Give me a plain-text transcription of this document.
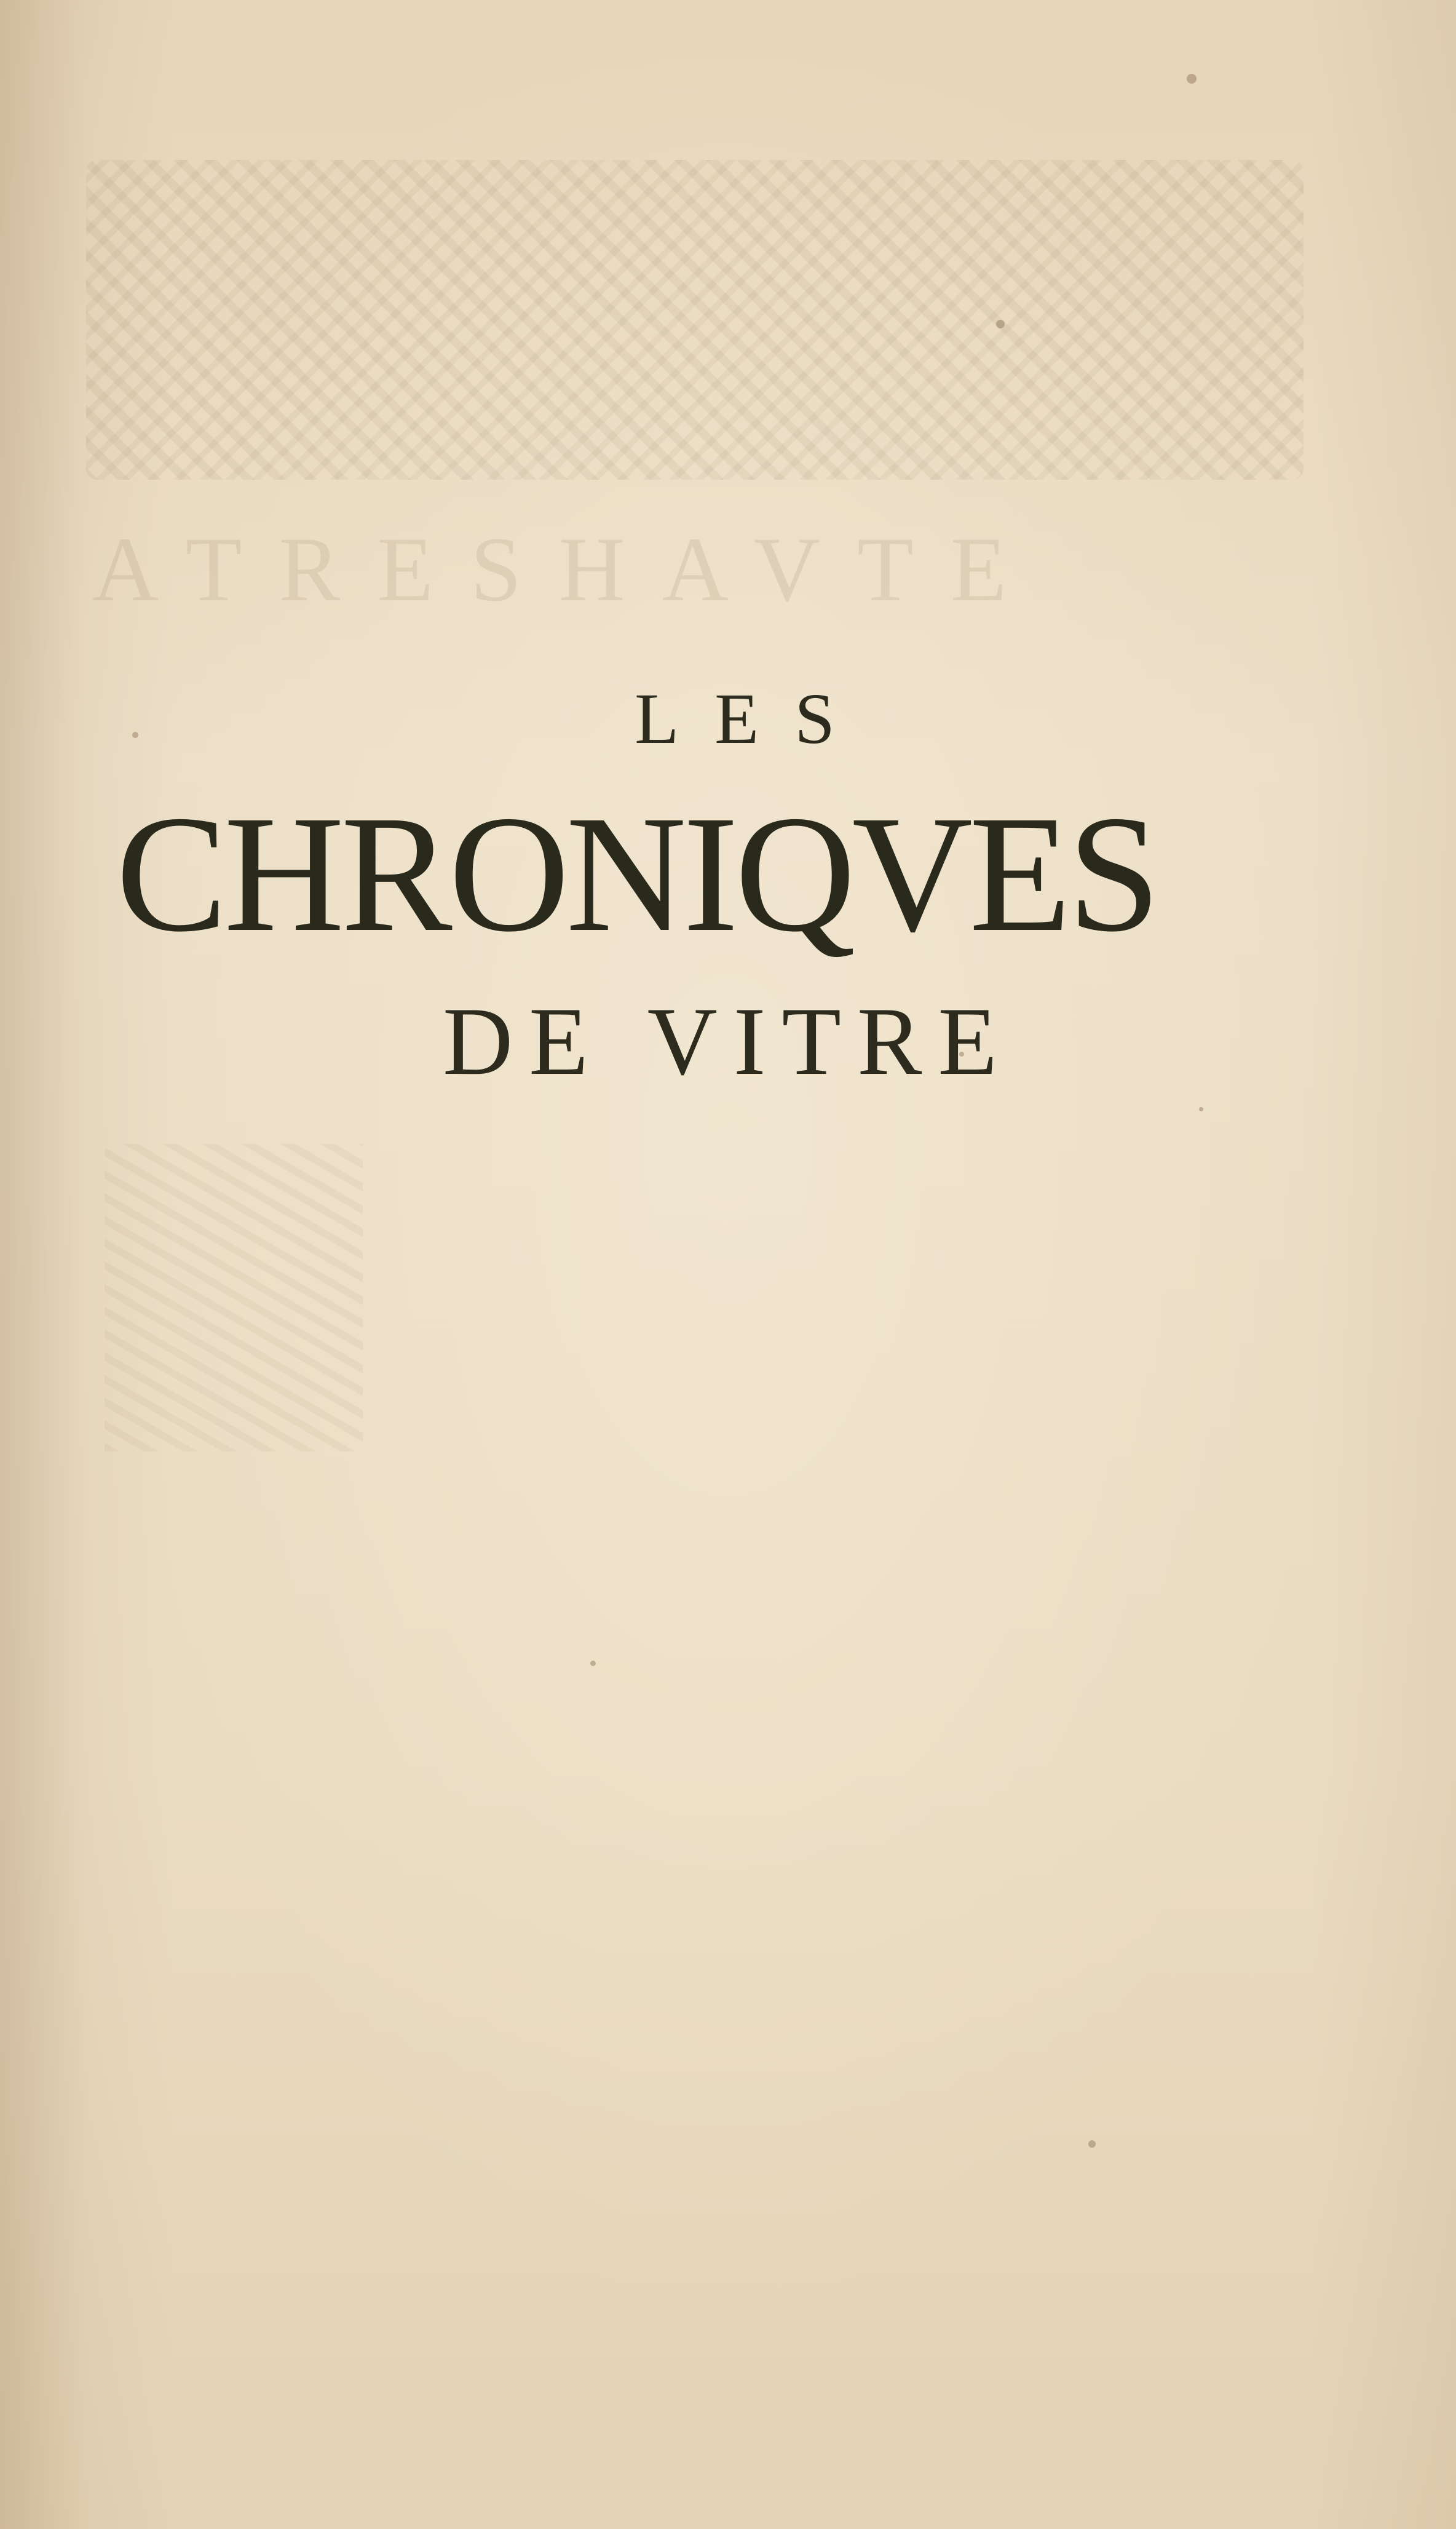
ATRESHAVTE
LES
CHRONIQVES
DE VITRE
